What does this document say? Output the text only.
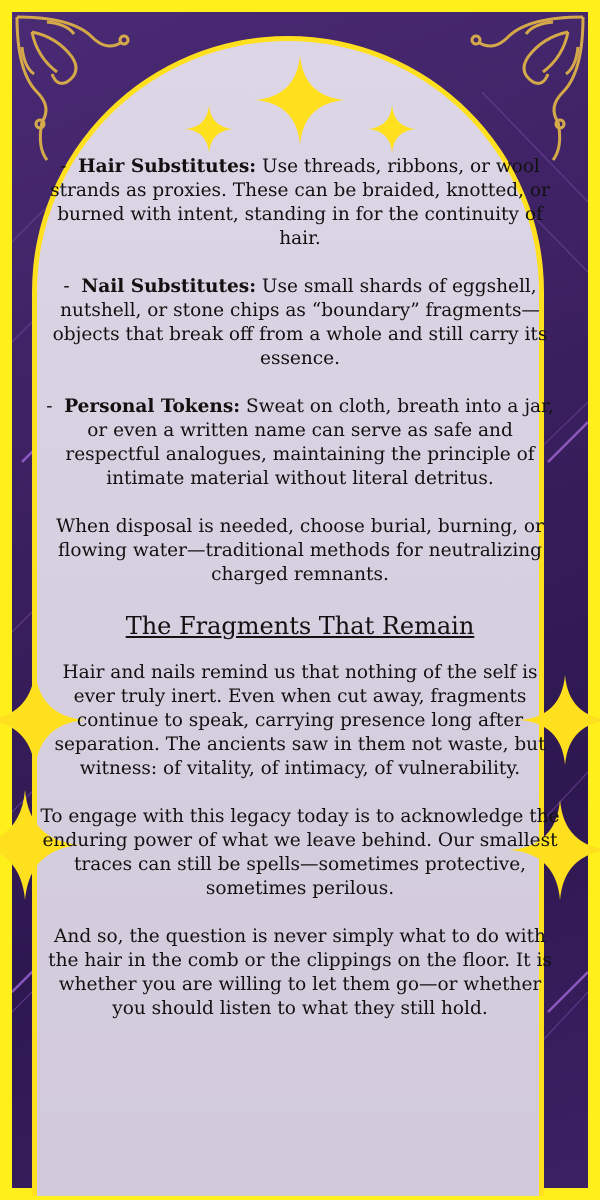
- Hair Substitutes: Use threads, ribbons, or wool strands as proxies. These can be braided, knotted, or burned with intent, standing in for the continuity of hair.
- Nail Substitutes: Use small shards of eggshell, nutshell, or stone chips as “boundary” fragments—objects that break off from a whole and still carry its essence.
- Personal Tokens: Sweat on cloth, breath into a jar, or even a written name can serve as safe and respectful analogues, maintaining the principle of intimate material without literal detritus.
When disposal is needed, choose burial, burning, or flowing water—traditional methods for neutralizing charged remnants.
The Fragments That Remain
Hair and nails remind us that nothing of the self is ever truly inert. Even when cut away, fragments continue to speak, carrying presence long after separation. The ancients saw in them not waste, but witness: of vitality, of intimacy, of vulnerability.
To engage with this legacy today is to acknowledge the enduring power of what we leave behind. Our smallest traces can still be spells—sometimes protective, sometimes perilous.
And so, the question is never simply what to do with the hair in the comb or the clippings on the floor. It is whether you are willing to let them go—or whether you should listen to what they still hold.
